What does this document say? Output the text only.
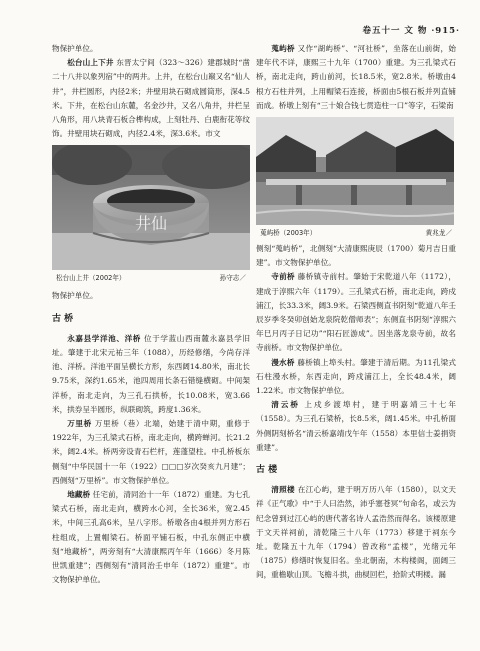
卷五十一 文 物 ·915·

物保护单位。

松台山上下井 东晋太宁间（323～326）建郡城时“凿二十八井以象列宿”中的两井。上井，在松台山巅又名“仙人井”，井栏圆形，内径2米；井壁用块石砌成圆筒形，深4.5米。下井，在松台山东麓，名金沙井，又名八角井，井栏呈八角形，用八块青石板合榫构成，上刻牡丹、白鹿衔花等纹饰。井壁用块石砌成，内径2.4米，深3.6米。市文

井仙
松台山上井（2002年）	孙守志／

物保护单位。

古 桥

永嘉县学洋池、洋桥 位于学蓝山西南麓永嘉县学旧址。肇建于北宋元祐三年（1088），历经修缮，今尚存洋池、洋桥。洋池平面呈横长方形，东西阔14.80米，南北长9.75米，深约1.65米，池四周用长条石错缝横砌。中间架洋桥，南北走向，为三孔石拱桥，长10.08米，宽3.66米，拱券呈半圆形，纵联砌筑，跨度1.36米。

万里桥 万里桥（巷）北端，始建于清中期，重修于1922年，为三孔梁式石桥，南北走向，横跨蝉河。长21.2米，阔2.4米。桥两旁设青石栏杆，莲蓬望柱。中孔桥板东侧刻“中华民国十一年（1922）□□□岁次癸亥九月建”；西侧刻“万里桥”。市文物保护单位。

地藏桥 任宅前，清同治十一年（1872）重建。为七孔梁式石桥，南北走向，横跨水心河，全长36米，宽2.45米，中间三孔高6米，呈八字形。桥墩各由4根并列方形石柱组成，上置帽梁石。桥面平铺石板，中孔东侧正中横刻“地藏桥”，两旁刻有“大清康熙丙午年（1666）冬月陈世凯重建”；西侧刻有“清同治壬申年（1872）重建”。市文物保护单位。

蒐屿桥 又作“湖屿桥”、“河社桥”，坐落在山前街，始建年代不详，康熙三十九年（1700）重建。为三孔梁式石桥，南北走向，跨山前河，长18.5米，宽2.8米。桥墩由4根方石柱并列，上用帽梁石连接，桥面由5根石板并列直铺而成。桥墩上刻有“三十娘合钱七贯造柱一口”等字，石梁南

蒐屿桥（2003年）	黄兆龙／

侧刻“蒐屿桥”，北侧刻“大清康熙庚辰（1700）菊月吉日重建”。市文物保护单位。

寺前桥 藤桥镇寺前村。肇始于宋乾道八年（1172），建成于淳熙六年（1179）。三孔梁式石桥，南北走向，跨戍浦江，长33.3米，阔3.9米。石梁西侧直书阴刻“乾道八年壬辰岁季冬癸卯创始龙泉院乾僧师表”；东侧直书阴刻“淳熙六年巳月丙子日记功”“阳石匠游成”。因坐落龙泉寺前，故名寺前桥。市文物保护单位。

漫水桥 藤桥镇上埠头村。肇建于清后期。为11孔梁式石柱漫水桥，东西走向，跨戍浦江上，全长48.4米，阔1.22米。市文物保护单位。

清云桥 上戍乡渡埠村，建于明嘉靖三十七年（1558）。为三孔石梁桥，长8.5米，阔1.45米。中孔桥面外侧阴刻桥名“清云桥嘉靖戊午年（1558）本里信士姜捐资重建”。

古 楼

清照楼 在江心屿，建于明万历八年（1580），以文天祥《正气歌》中“于人曰浩然，沛乎塞苍冥”句命名，或云为纪念曾到过江心屿的唐代著名诗人孟浩然而得名。该楼原建于文天祥祠前，清乾隆三十八年（1773）移建于祠东今址。乾隆五十九年（1794）曾改称“孟楼”，光绪元年（1875）修缮时恢复旧名。坐北朝南，木构楼阁，面阔三间，重檐歇山顶。飞檐斗拱，曲棂回栏，拾阶式明楼。漏
